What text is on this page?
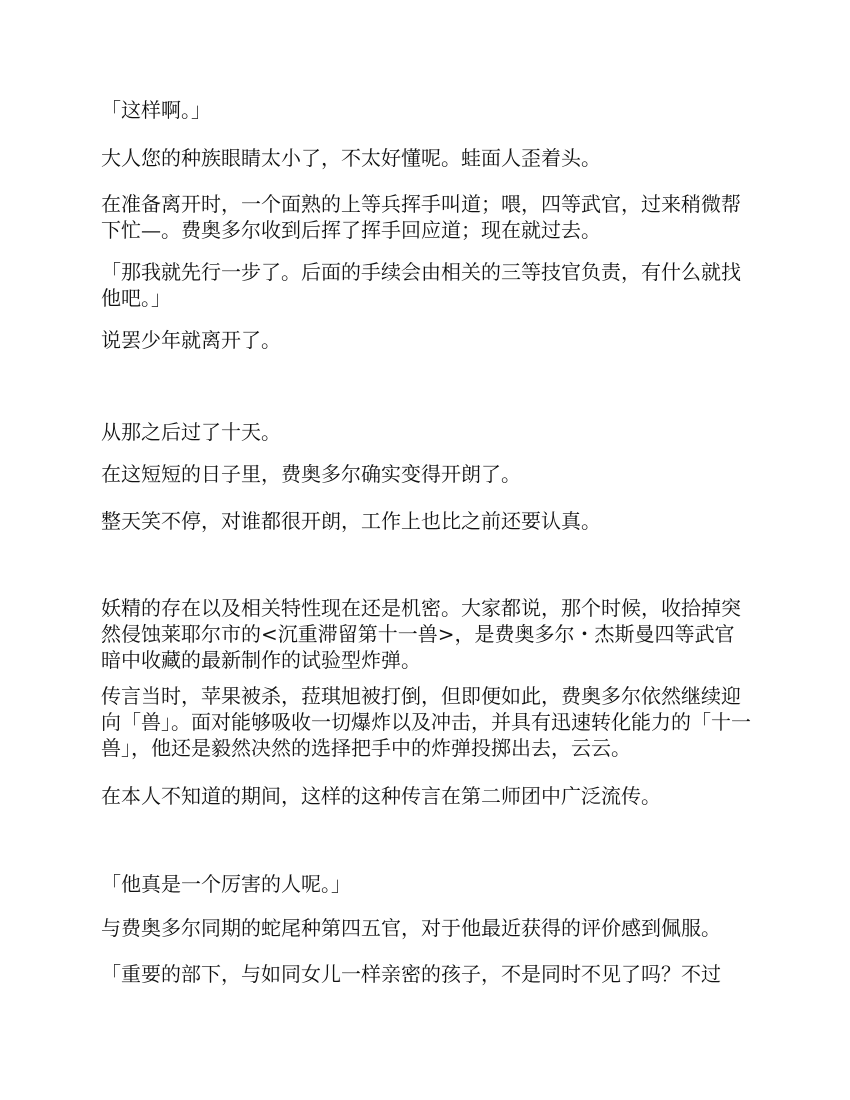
「这样啊。」

大人您的种族眼睛太小了，不太好懂呢。蛙面人歪着头。

在准备离开时，一个面熟的上等兵挥手叫道；喂，四等武官，过来稍微帮下忙—。费奥多尔收到后挥了挥手回应道；现在就过去。

「那我就先行一步了。后面的手续会由相关的三等技官负责，有什么就找他吧。」

说罢少年就离开了。

从那之后过了十天。

在这短短的日子里，费奥多尔确实变得开朗了。

整天笑不停，对谁都很开朗，工作上也比之前还要认真。

妖精的存在以及相关特性现在还是机密。大家都说，那个时候，收拾掉突然侵蚀莱耶尔市的<沉重滞留第十一兽>，是费奥多尔・杰斯曼四等武官暗中收藏的最新制作的试验型炸弹。

传言当时，苹果被杀，菈琪旭被打倒，但即便如此，费奥多尔依然继续迎向「兽」。面对能够吸收一切爆炸以及冲击，并具有迅速转化能力的「十一兽」，他还是毅然决然的选择把手中的炸弹投掷出去，云云。

在本人不知道的期间，这样的这种传言在第二师团中广泛流传。

「他真是一个厉害的人呢。」

与费奥多尔同期的蛇尾种第四五官，对于他最近获得的评价感到佩服。

「重要的部下，与如同女儿一样亲密的孩子，不是同时不见了吗？不过
